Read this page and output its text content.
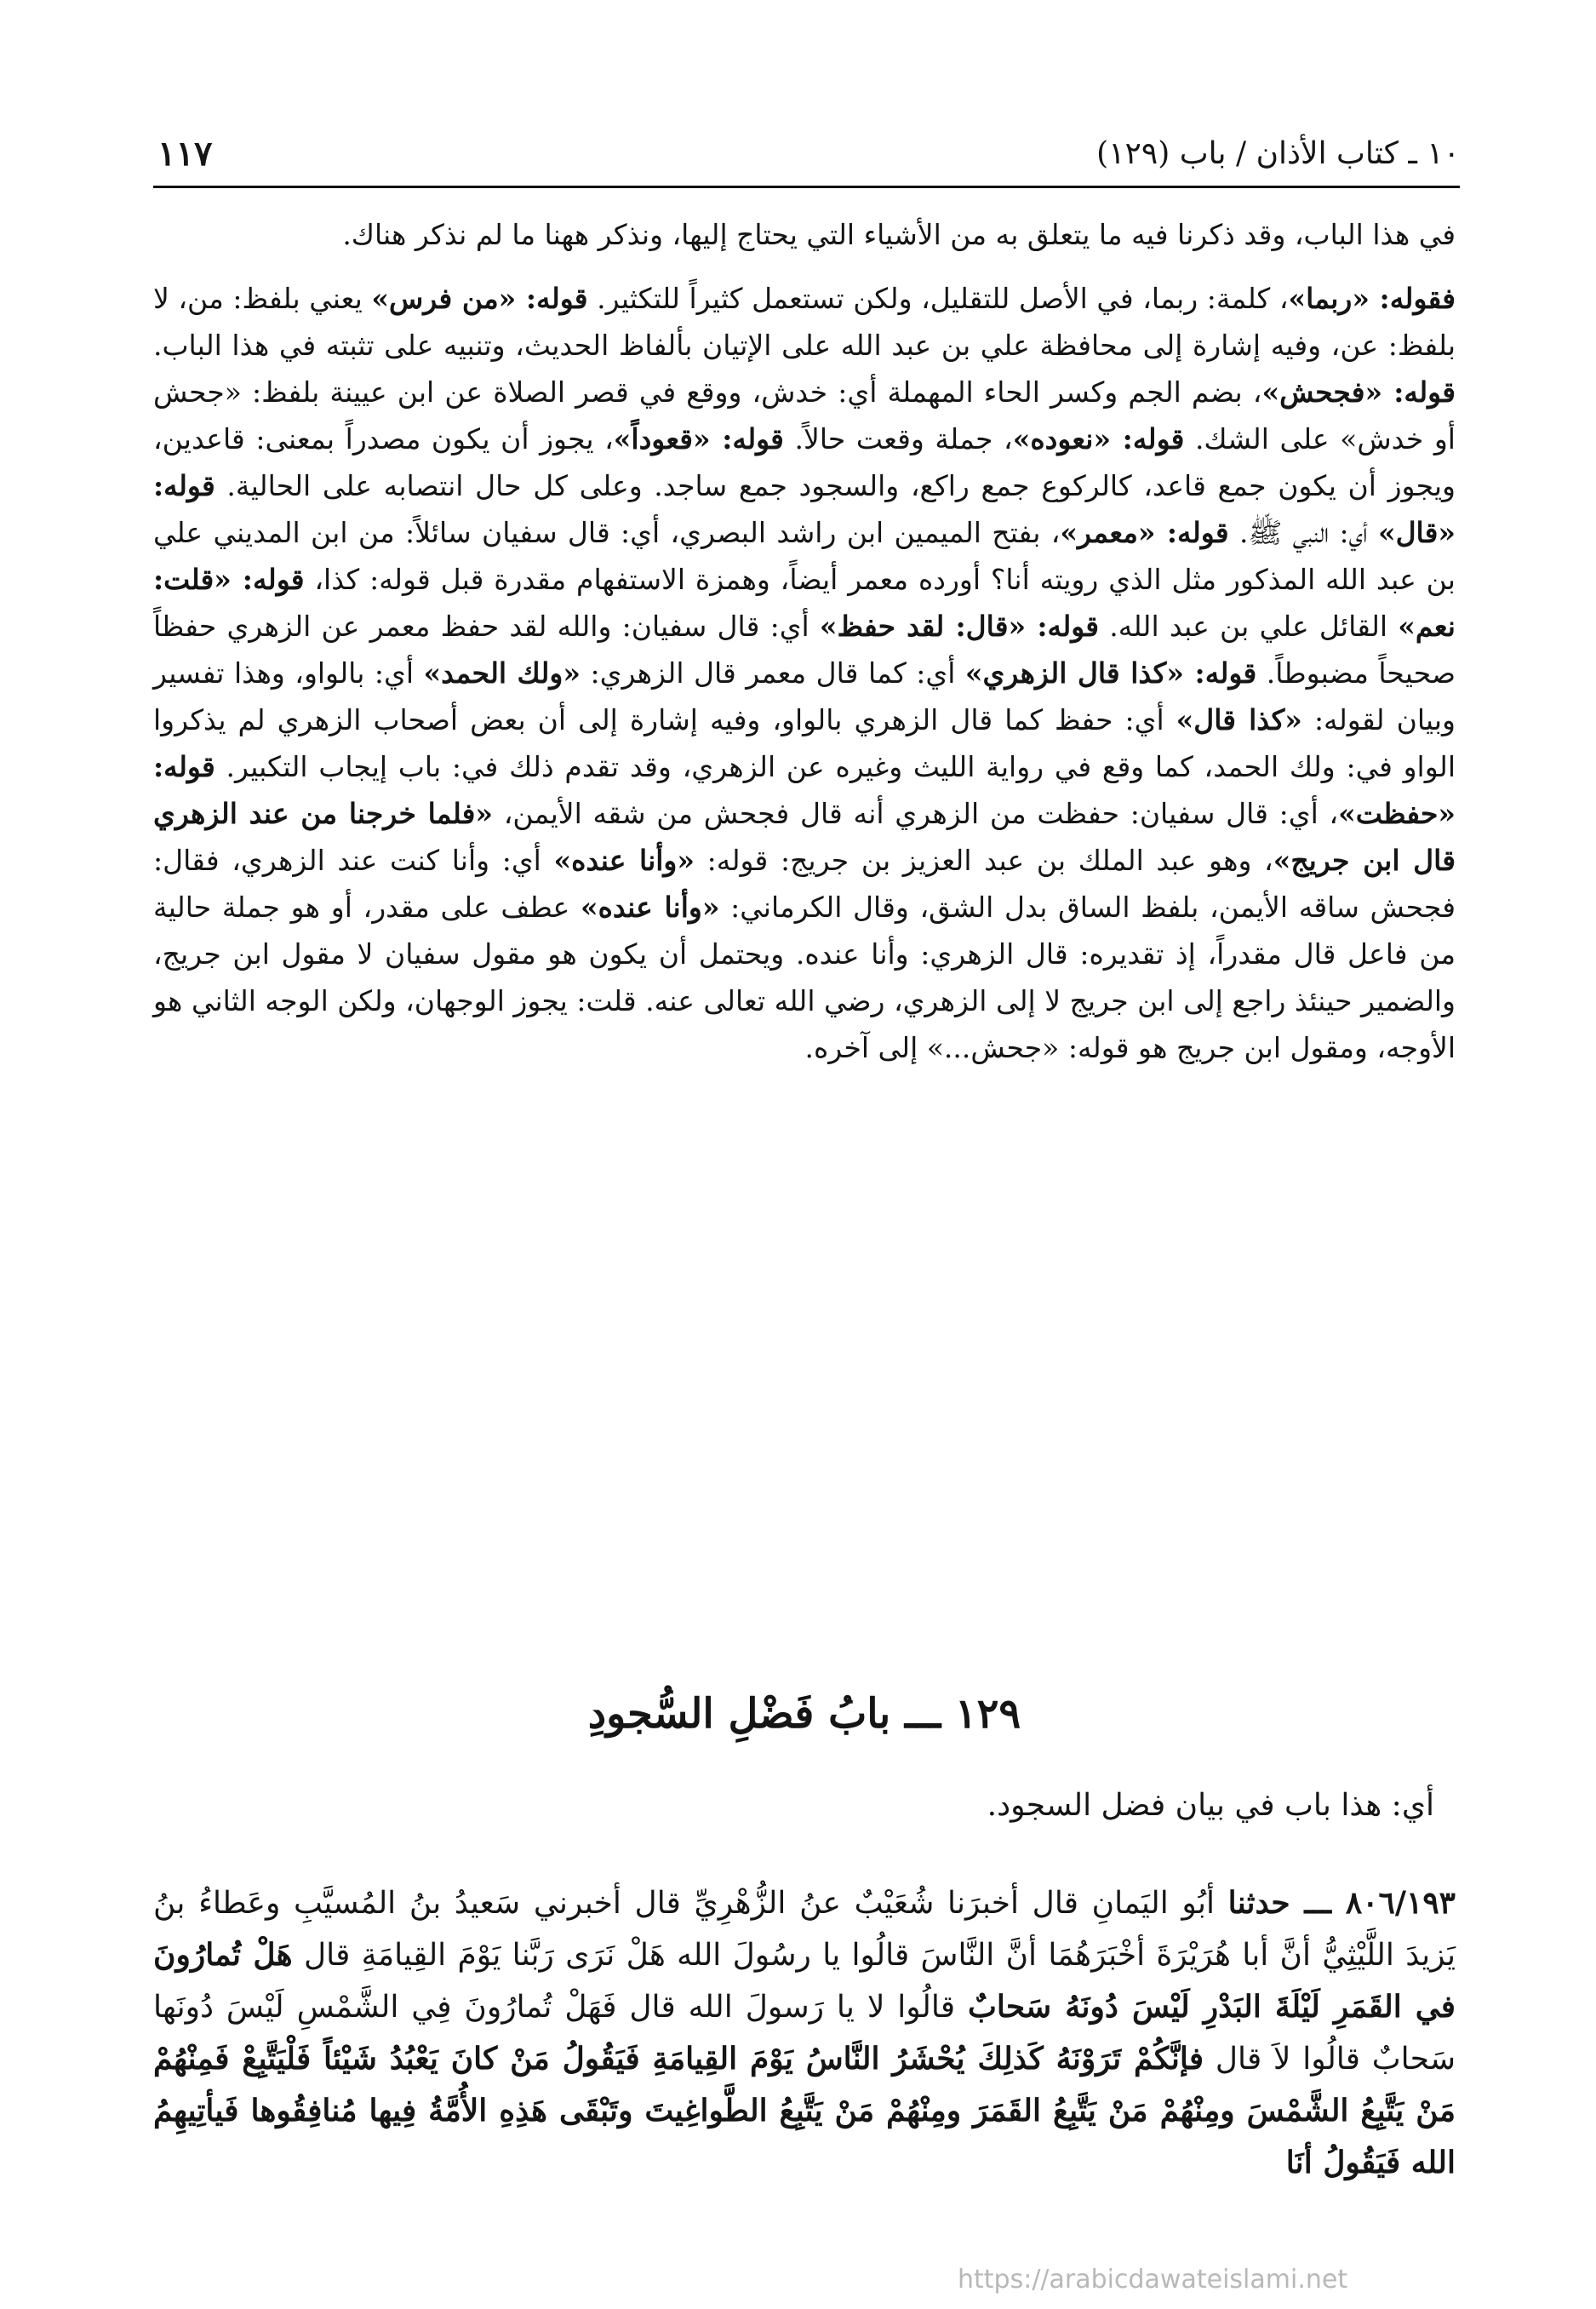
١١٧	١٠ ـ كتاب الأذان / باب (١٢٩)

في هذا الباب، وقد ذكرنا فيه ما يتعلق به من الأشياء التي يحتاج إليها، ونذكر ههنا ما لم نذكر هناك.

فقوله: «ربما»، كلمة: ربما، في الأصل للتقليل، ولكن تستعمل كثيراً للتكثير. قوله: «من فرس» يعني بلفظ: من، لا بلفظ: عن، وفيه إشارة إلى محافظة علي بن عبد الله على الإتيان بألفاظ الحديث، وتنبيه على تثبته في هذا الباب. قوله: «فجحش»، بضم الجم وكسر الحاء المهملة أي: خدش، ووقع في قصر الصلاة عن ابن عيينة بلفظ: «جحش أو خدش» على الشك. قوله: «نعوده»، جملة وقعت حالاً. قوله: «قعوداً»، يجوز أن يكون مصدراً بمعنى: قاعدين، ويجوز أن يكون جمع قاعد، كالركوع جمع راكع، والسجود جمع ساجد. وعلى كل حال انتصابه على الحالية. قوله: «قال» أي: النبي ﷺ. قوله: «معمر»، بفتح الميمين ابن راشد البصري، أي: قال سفيان سائلاً: من ابن المديني علي بن عبد الله المذكور مثل الذي رويته أنا؟ أورده معمر أيضاً، وهمزة الاستفهام مقدرة قبل قوله: كذا، قوله: «قلت: نعم» القائل علي بن عبد الله. قوله: «قال: لقد حفظ» أي: قال سفيان: والله لقد حفظ معمر عن الزهري حفظاً صحيحاً مضبوطاً. قوله: «كذا قال الزهري» أي: كما قال معمر قال الزهري: «ولك الحمد» أي: بالواو، وهذا تفسير وبيان لقوله: «كذا قال» أي: حفظ كما قال الزهري بالواو، وفيه إشارة إلى أن بعض أصحاب الزهري لم يذكروا الواو في: ولك الحمد، كما وقع في رواية الليث وغيره عن الزهري، وقد تقدم ذلك في: باب إيجاب التكبير. قوله: «حفظت»، أي: قال سفيان: حفظت من الزهري أنه قال فجحش من شقه الأيمن، «فلما خرجنا من عند الزهري قال ابن جريج»، وهو عبد الملك بن عبد العزيز بن جريج: قوله: «وأنا عنده» أي: وأنا كنت عند الزهري، فقال: فجحش ساقه الأيمن، بلفظ الساق بدل الشق، وقال الكرماني: «وأنا عنده» عطف على مقدر، أو هو جملة حالية من فاعل قال مقدراً، إذ تقديره: قال الزهري: وأنا عنده. ويحتمل أن يكون هو مقول سفيان لا مقول ابن جريج، والضمير حينئذ راجع إلى ابن جريج لا إلى الزهري، رضي الله تعالى عنه. قلت: يجوز الوجهان، ولكن الوجه الثاني هو الأوجه، ومقول ابن جريج هو قوله: «جحش...» إلى آخره.

١٢٩ ـــ بابُ فَضْلِ السُّجودِ
أي: هذا باب في بيان فضل السجود.

٨٠٦/١٩٣ ـــ حدثنا أبُو اليَمانِ قال أخبرَنا شُعَيْبٌ عنُ الزُّهْرِيِّ قال أخبرني سَعيدُ بنُ المُسيَّبِ وعَطاءُ بنُ يَزيدَ اللَّيْثِيُّ أنَّ أبا هُرَيْرَةَ أخْبَرَهُمَا أنَّ النَّاسَ قالُوا يا رسُولَ الله هَلْ نَرَى رَبَّنا يَوْمَ القِيامَةِ قال هَلْ تُمارُونَ في القَمَرِ لَيْلَةَ البَدْرِ لَيْسَ دُونَهُ سَحابٌ قالُوا لا يا رَسولَ الله قال فَهَلْ تُمارُونَ فِي الشَّمْسِ لَيْسَ دُونَها سَحابٌ قالُوا لاَ قال فإنَّكُمْ تَرَوْنَهُ كَذلِكَ يُحْشَرُ النَّاسُ يَوْمَ القِيامَةِ فَيَقُولُ مَنْ كانَ يَعْبُدُ شَيْئاً فَلْيَتَّبِعْ فَمِنْهُمْ مَنْ يَتَّبِعُ الشَّمْسَ ومِنْهُمْ مَنْ يَتَّبِعُ القَمَرَ ومِنْهُمْ مَنْ يَتَّبِعُ الطَّواغِيتَ وتَبْقَى هَذِهِ الأُمَّةُ فِيها مُنافِقُوها فَيأتِيهِمُ الله فَيَقُولُ أنَا

https://arabicdawateislami.net
